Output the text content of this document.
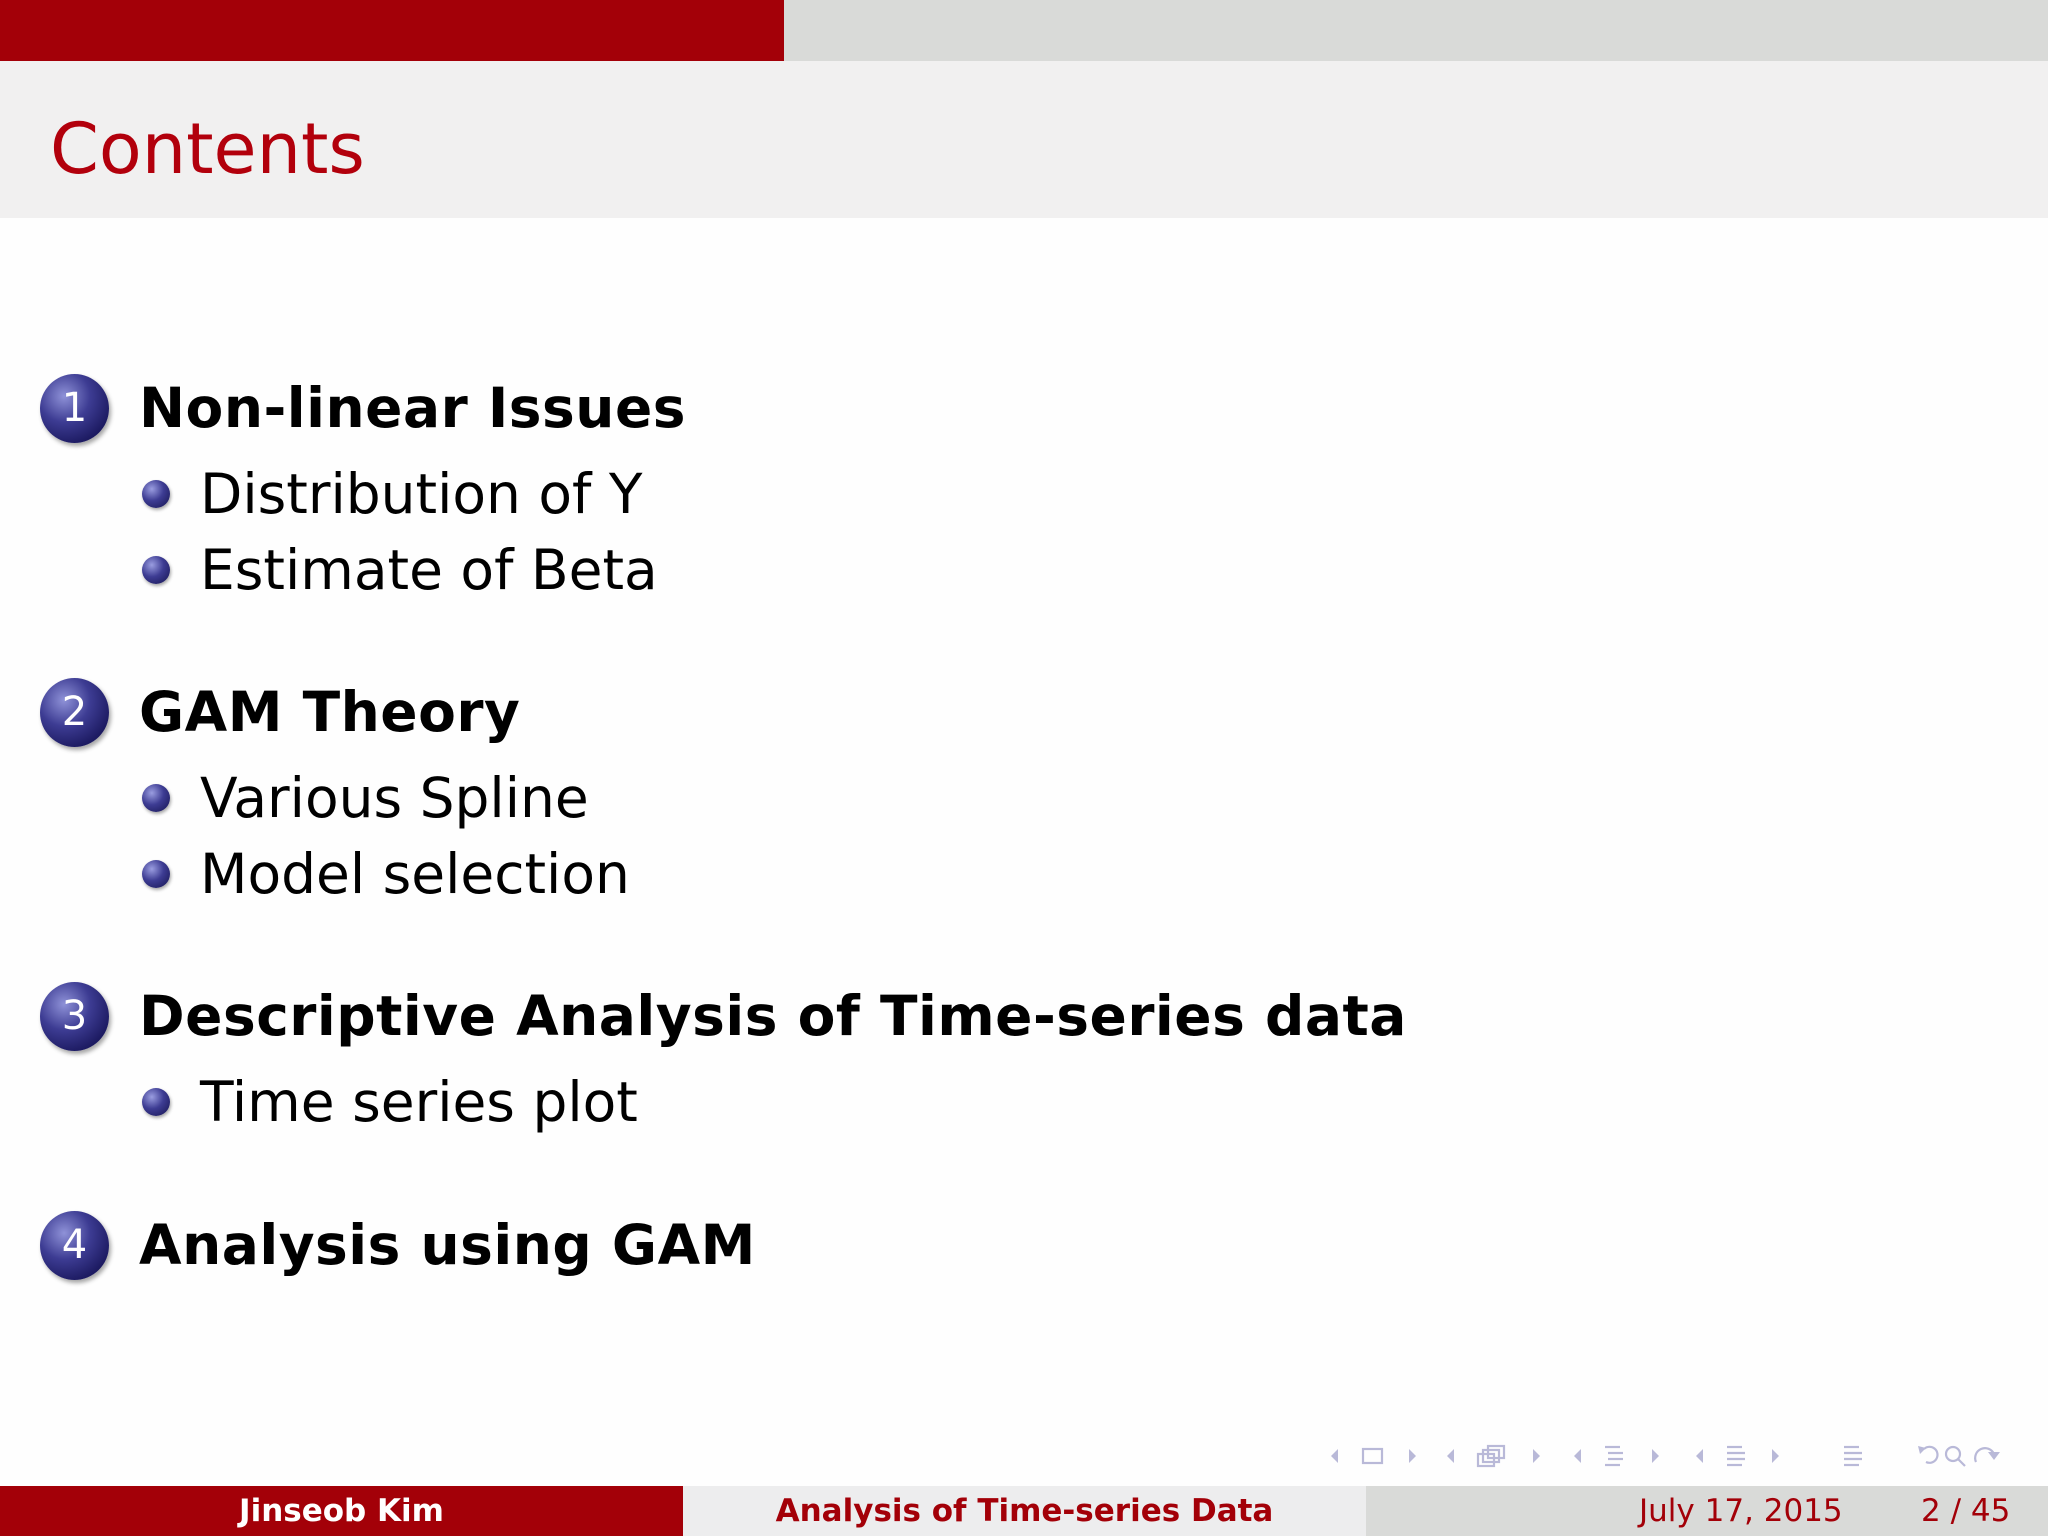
Contents
1 Non-linear Issues
Distribution of Y
Estimate of Beta
2 GAM Theory
Various Spline
Model selection
3 Descriptive Analysis of Time-series data
Time series plot
4 Analysis using GAM
Jinseob Kim	Analysis of Time-series Data	July 17, 2015	2 / 45
